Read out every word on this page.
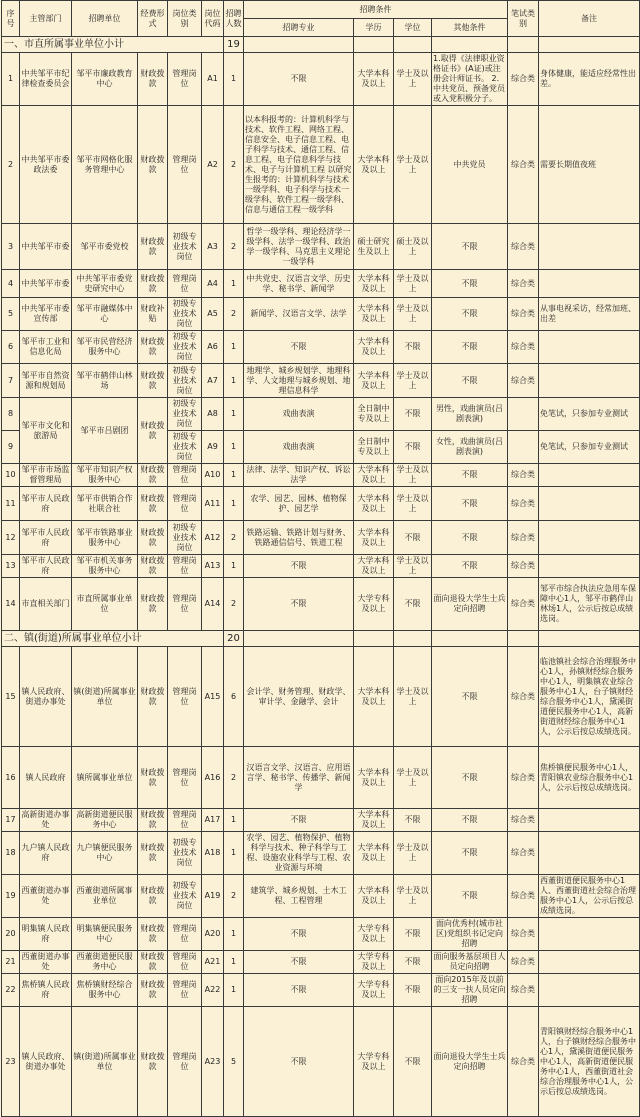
序号	主管部门	招聘单位	经费形式	岗位类别	岗位代码	招聘人数	招聘条件				笔试类别	备注
							招聘专业	学历	学位	其他条件		
一、市直所属事业单位小计						19						
1	中共邹平市纪律检查委员会	邹平市廉政教育中心	财政拨款	管理岗位	A1	1	不限	大学本科及以上	学士及以上	1.取得《法律职业资格证书》(A证)或注册会计师证书。 2.中共党员、预备党员或入党积极分子。	综合类	身体健康，能适应经常性出差。
2	中共邹平市委政法委	邹平市网格化服务管理中心	财政拨款	管理岗位	A2	2	以本科报考的：计算机科学与技术、软件工程、网络工程、信息安全、电子信息工程、电子科学与技术、通信工程、信息工程、电子信息科学与技术、电子与计算机工程 以研究生报考的：计算机科学与技术一级学科、电子科学与技术一级学科、软件工程一级学科、信息与通信工程一级学科	大学本科及以上	学士及以上	中共党员	综合类	需要长期值夜班
3	中共邹平市委	邹平市委党校	财政拨款	初级专业技术岗位	A3	2	哲学一级学科、理论经济学一级学科、法学一级学科、政治学一级学科、马克思主义理论一级学科	硕士研究生及以上	硕士及以上	不限	综合类	
4	中共邹平市委	中共邹平市委党史研究中心	财政拨款	管理岗位	A4	1	中共党史、汉语言文学、历史学、秘书学、新闻学	大学本科及以上	学士及以上	不限	综合类	
5	中共邹平市委宣传部	邹平市融媒体中心	财政补贴	初级专业技术岗位	A5	2	新闻学、汉语言文学、法学	大学本科及以上	学士及以上	不限	综合类	从事电视采访，经常加班、出差
6	邹平市工业和信息化局	邹平市民营经济服务中心	财政拨款	初级专业技术岗位	A6	1	不限	大学本科及以上	不限	不限	综合类	
7	邹平市自然资源和规划局	邹平市鹤伴山林场	财政拨款	初级专业技术岗位	A7	1	地理学、城乡规划学、地理科学、人文地理与城乡规划、地理信息科学	大学本科及以上	学士及以上	不限	综合类	
8	邹平市文化和旅游局	邹平市吕剧团	财政拨款	初级专业技术岗位	A8	1	戏曲表演	全日制中专及以上	不限	男性，戏曲演员(吕剧表演)		免笔试，只参加专业测试
9				初级专业技术岗位	A9	1	戏曲表演	全日制中专及以上	不限	女性，戏曲演员(吕剧表演)		免笔试，只参加专业测试
10	邹平市市场监督管理局	邹平市知识产权服务中心	财政拨款	管理岗位	A10	1	法律、法学、知识产权、诉讼法学	大学本科及以上	学士及以上	不限	综合类	
11	邹平市人民政府	邹平市供销合作社联合社	财政拨款	管理岗位	A11	1	农学、园艺、园林、植物保护、园艺学	大学本科及以上	学士及以上	不限	综合类	
12	邹平市人民政府	邹平市铁路事业服务中心	财政拨款	初级专业技术岗位	A12	2	铁路运输、铁路计划与财务、铁路通信信号、铁道工程	大学本科及以上	不限	不限	综合类	
13	邹平市人民政府	邹平市机关事务服务中心	财政拨款	管理岗位	A13	1	不限	大学本科及以上	学士及以上	不限	综合类	
14	市直相关部门	市直所属事业单位	财政拨款	管理岗位	A14	2	不限	大学专科及以上	不限	面向退役大学生士兵定向招聘	综合类	邹平市综合执法应急用车保障中心1人，邹平市鹤伴山林场1人，公示后按总成绩选岗。
二、镇(街道)所属事业单位小计						20						
15	镇人民政府、街道办事处	镇(街道)所属事业单位	财政拨款	管理岗位	A15	6	会计学、财务管理、财政学、审计学、金融学、会计	大学本科及以上	学士及以上	不限	综合类	临池镇社会综合治理服务中心1人，孙镇财经综合服务中心1人，明集镇农业综合服务中心1人，台子镇财经综合服务中心1人，黛溪街道便民服务中心1人，高新街道财经综合服务中心1人，公示后按总成绩选岗。
16	镇人民政府	镇所属事业单位	财政拨款	管理岗位	A16	2	汉语言文学、汉语言、应用语言学、秘书学、传播学、新闻学	大学本科及以上	学士及以上	不限	综合类	焦桥镇便民服务中心1人，青阳镇农业综合服务中心1人，公示后按总成绩选岗。
17	高新街道办事处	高新街道便民服务中心	财政拨款	管理岗位	A17	1	不限	大学本科及以上	不限	不限	综合类	
18	九户镇人民政府	九户镇便民服务中心	财政拨款	初级专业技术岗位	A18	1	农学、园艺、植物保护、植物科学与技术、种子科学与工程、设施农业科学与工程、农业资源与环境	大学本科及以上	学士及以上	不限	综合类	
19	西董街道办事处	西董街道所属事业单位	财政拨款	初级专业技术岗位	A19	2	建筑学、城乡规划、土木工程、工程管理	大学本科及以上	学士及以上	不限	综合类	西董街道便民服务中心1人、西董街道社会综合治理服务中心1人，公示后按总成绩选岗。
20	明集镇人民政府	明集镇便民服务中心	财政拨款	管理岗位	A20	1	不限	大学专科及以上	不限	面向优秀村(城市社区)党组织书记定向招聘	综合类	
21	西董街道办事处	西董街道便民服务中心	财政拨款	管理岗位	A21	1	不限	大学专科及以上	不限	面向服务基层项目人员定向招聘	综合类	
22	焦桥镇人民政府	焦桥镇财经综合服务中心	财政拨款	管理岗位	A22	1	不限	大学专科及以上	不限	面向2015年及以前的三支一扶人员定向招聘	综合类	
23	镇人民政府、街道办事处	镇(街道)所属事业单位	财政拨款	管理岗位	A23	5	不限	大学专科及以上	不限	面向退役大学生士兵定向招聘	综合类	青阳镇财经综合服务中心1人，台子镇财经综合服务中心1人，黛溪街道便民服务中心1人，高新街道便民服务中心1人，西董街道社会综合治理服务中心1人，公示后按总成绩选岗。
